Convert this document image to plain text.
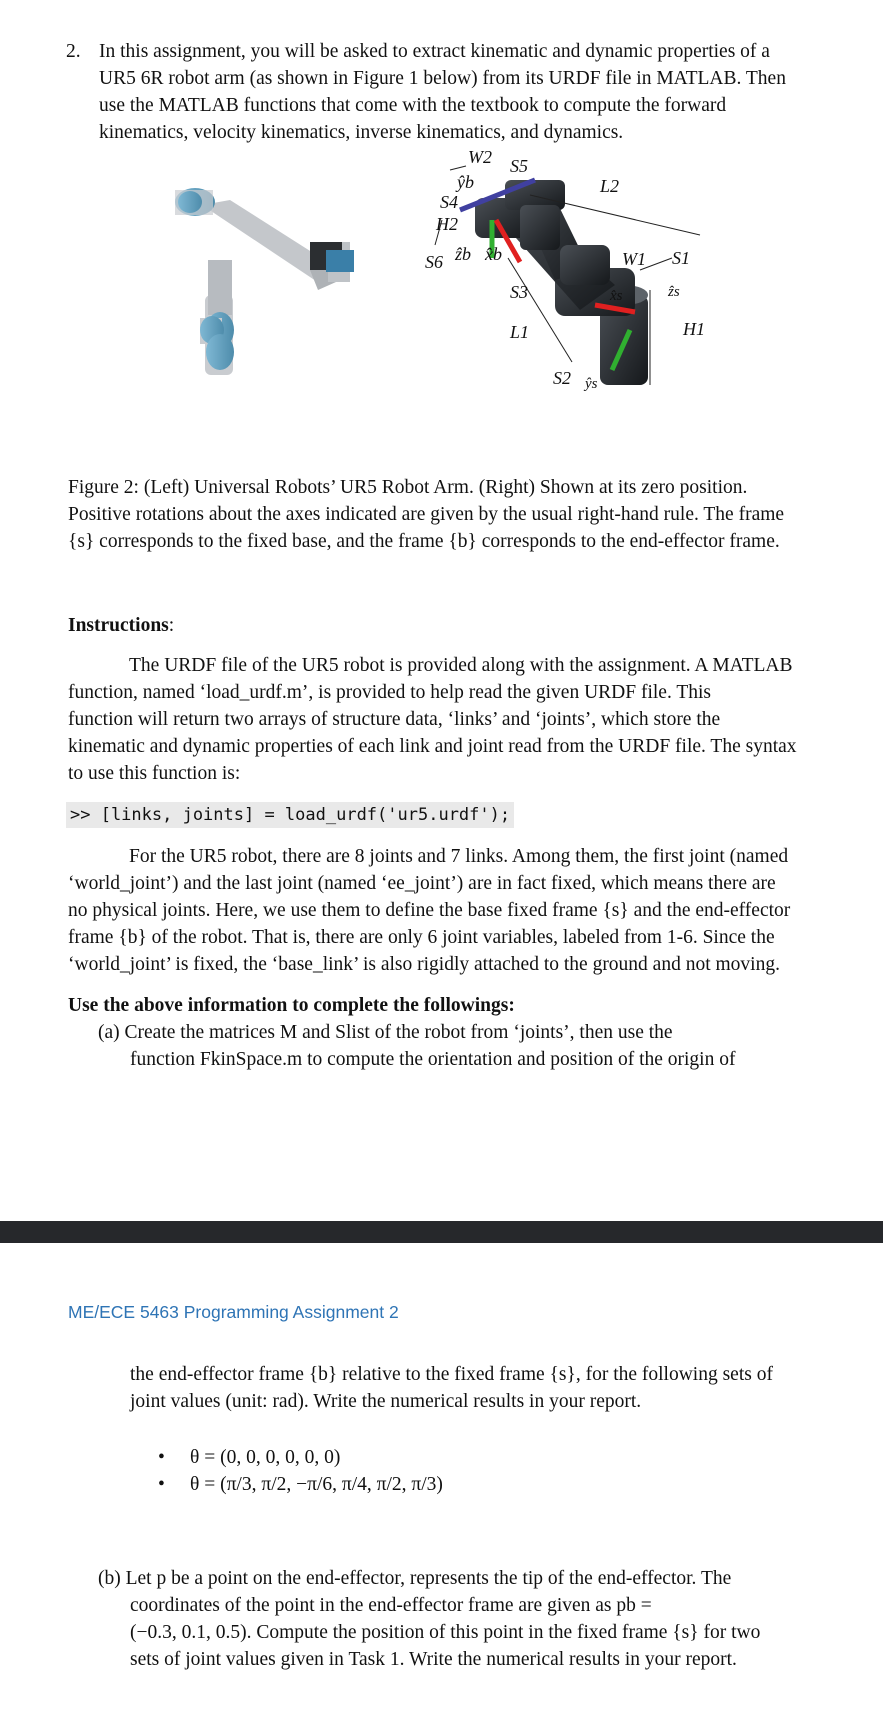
2. In this assignment, you will be asked to extract kinematic and dynamic properties of a
UR5 6R robot arm (as shown in Figure 1 below) from its URDF file in MATLAB. Then
use the MATLAB functions that come with the textbook to compute the forward
kinematics, velocity kinematics, inverse kinematics, and dynamics.
W2 S5
ŷb
S4
L2
H2
ẑb x̂b
S6	W1 S1
S3	x̂s	ẑs
H1
S2
L1
ŷs
Figure 2: (Left) Universal Robots’ UR5 Robot Arm. (Right) Shown at its zero position.
Positive rotations about the axes indicated are given by the usual right-hand rule. The frame
{s} corresponds to the fixed base, and the frame {b} corresponds to the end-effector frame.
Instructions:
The URDF file of the UR5 robot is provided along with the assignment. A MATLAB
function, named ‘load_urdf.m’, is provided to help read the given URDF file. This
function will return two arrays of structure data, ‘links’ and ‘joints’, which store the
kinematic and dynamic properties of each link and joint read from the URDF file. The syntax
to use this function is:
>> [links, joints] = load_urdf('ur5.urdf');
For the UR5 robot, there are 8 joints and 7 links. Among them, the first joint (named
‘world_joint’) and the last joint (named ‘ee_joint’) are in fact fixed, which means there are
no physical joints. Here, we use them to define the base fixed frame {s} and the end-effector
frame {b} of the robot. That is, there are only 6 joint variables, labeled from 1-6. Since the
‘world_joint’ is fixed, the ‘base_link’ is also rigidly attached to the ground and not moving.
Use the above information to complete the followings:
(a) Create the matrices M and Slist of the robot from ‘joints’, then use the
function FkinSpace.m to compute the orientation and position of the origin of
ME/ECE 5463 Programming Assignment 2
the end-effector frame {b} relative to the fixed frame {s}, for the following sets of
joint values (unit: rad). Write the numerical results in your report.
•	θ = (0, 0, 0, 0, 0, 0)
•	θ = (π/3, π/2, −π/6, π/4, π/2, π/3)
(b) Let p be a point on the end-effector, represents the tip of the end-effector. The
coordinates of the point in the end-effector frame are given as pb =
(−0.3, 0.1, 0.5). Compute the position of this point in the fixed frame {s} for two
sets of joint values given in Task 1. Write the numerical results in your report.
